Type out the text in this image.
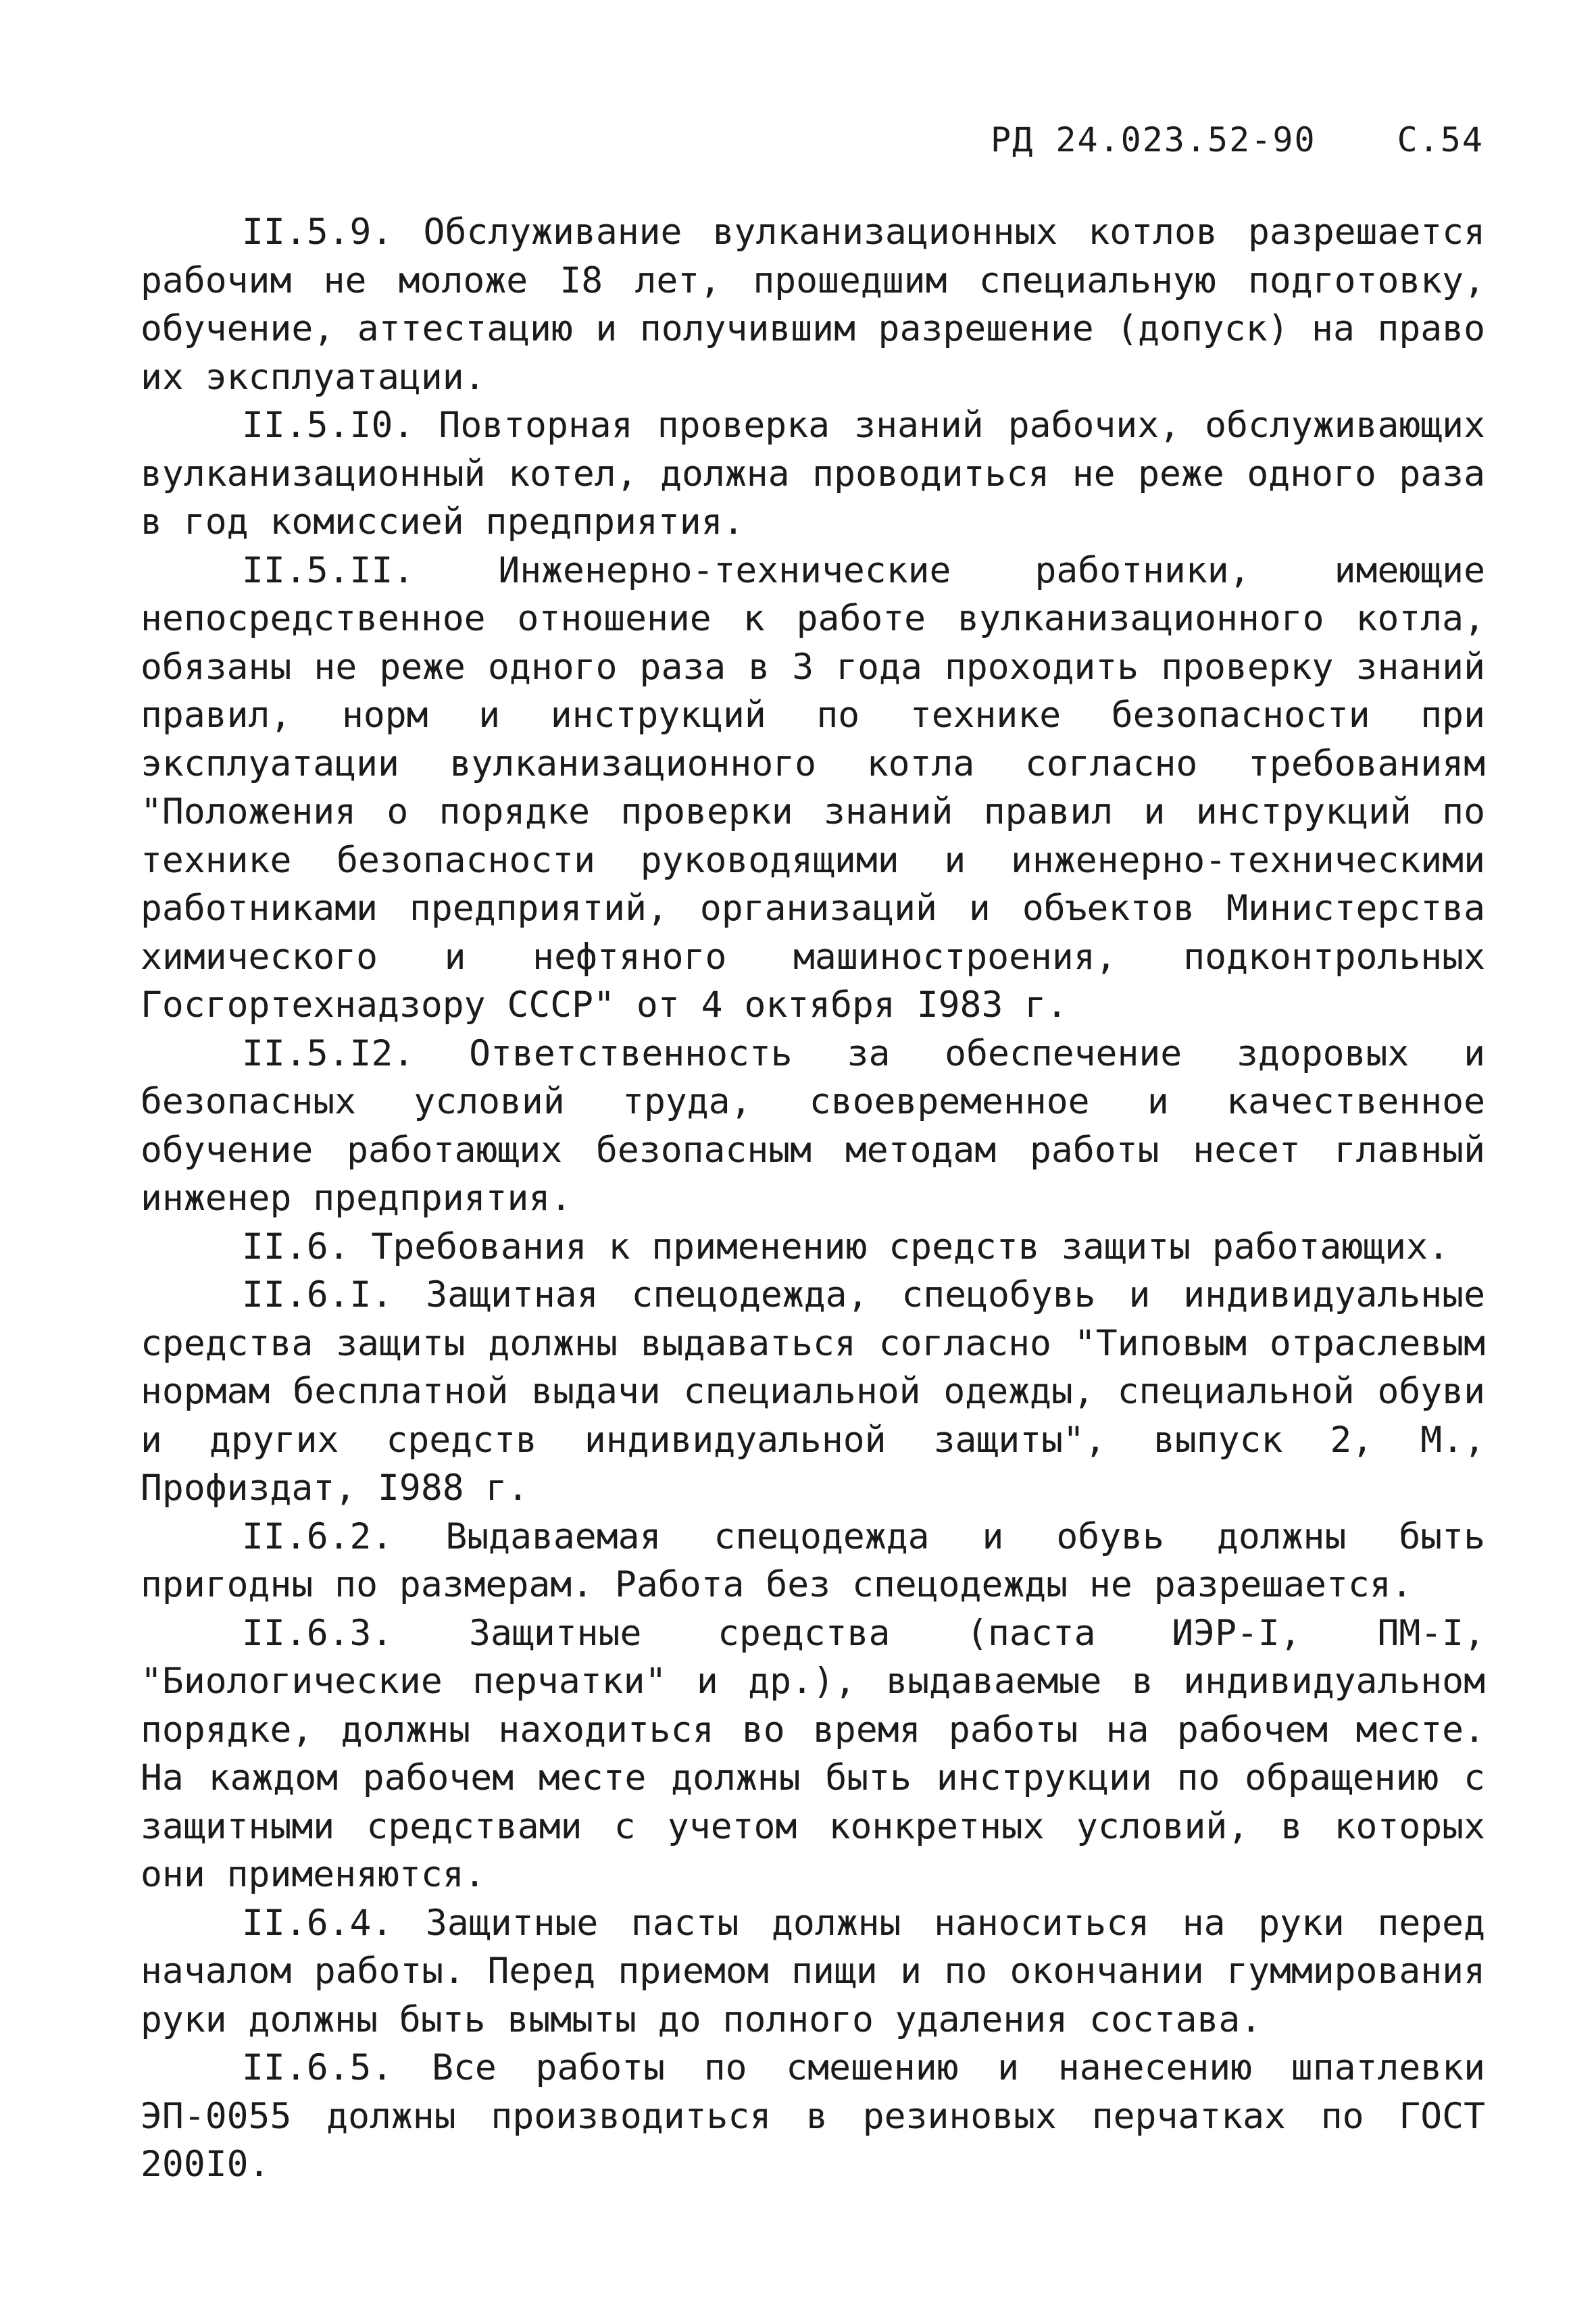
РД 24.023.52-90 С.54

II.5.9. Обслуживание вулканизационных котлов разрешается рабочим не моложе I8 лет, прошедшим специальную подготовку, обучение, аттестацию и получившим разрешение (допуск) на право их эксплуатации.

II.5.I0. Повторная проверка знаний рабочих, обслуживающих вулканизационный котел, должна проводиться не реже одного раза в год комиссией предприятия.

II.5.II. Инженерно-технические работники, имеющие непосредственное отношение к работе вулканизационного котла, обязаны не реже одного раза в 3 года проходить проверку знаний правил, норм и инструкций по технике безопасности при эксплуатации вулканизационного котла согласно требованиям "Положения о порядке проверки знаний правил и инструкций по технике безопасности руководящими и инженерно-техническими работниками предприятий, организаций и объектов Министерства химического и нефтяного машиностроения, подконтрольных Госгортехнадзору СССР" от 4 октября I983 г.

II.5.I2. Ответственность за обеспечение здоровых и безопасных условий труда, своевременное и качественное обучение работающих безопасным методам работы несет главный инженер предприятия.

II.6. Требования к применению средств защиты работающих.

II.6.I. Защитная спецодежда, спецобувь и индивидуальные средства защиты должны выдаваться согласно "Типовым отраслевым нормам бесплатной выдачи специальной одежды, специальной обуви и других средств индивидуальной защиты", выпуск 2, М., Профиздат, I988 г.

II.6.2. Выдаваемая спецодежда и обувь должны быть пригодны по размерам. Работа без спецодежды не разрешается.

II.6.3. Защитные средства (паста ИЭР-I, ПМ-I, "Биологические перчатки" и др.), выдаваемые в индивидуальном порядке, должны находиться во время работы на рабочем месте. На каждом рабочем месте должны быть инструкции по обращению с защитными средствами с учетом конкретных условий, в которых они применяются.

II.6.4. Защитные пасты должны наноситься на руки перед началом работы. Перед приемом пищи и по окончании гуммирования руки должны быть вымыты до полного удаления состава.

II.6.5. Все работы по смешению и нанесению шпатлевки ЭП-0055 должны производиться в резиновых перчатках по ГОСТ 200I0.
